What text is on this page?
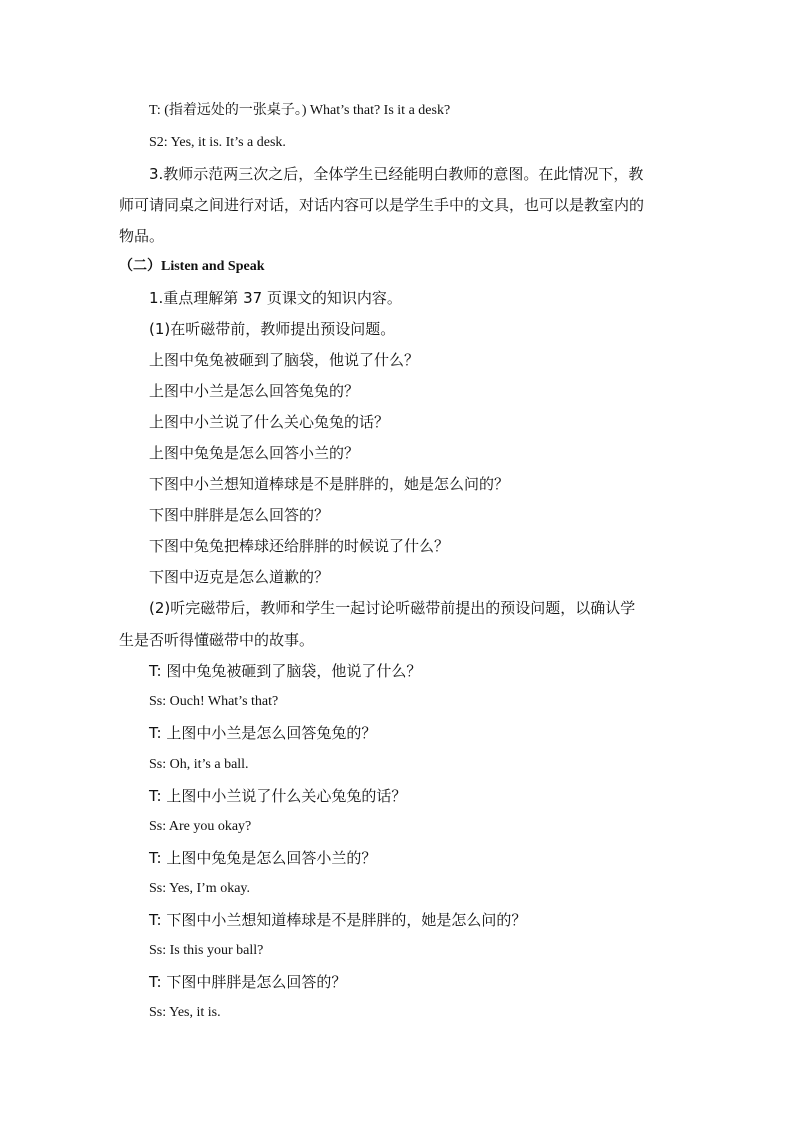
T: (指着远处的一张桌子。) What’s that? Is it a desk?
S2: Yes, it is. It’s a desk.
3.教师示范两三次之后，全体学生已经能明白教师的意图。在此情况下，教
师可请同桌之间进行对话，对话内容可以是学生手中的文具，也可以是教室内的
物品。
（二）Listen and Speak
1.重点理解第 37 页课文的知识内容。
(1)在听磁带前，教师提出预设问题。
上图中兔兔被砸到了脑袋，他说了什么？
上图中小兰是怎么回答兔兔的？
上图中小兰说了什么关心兔兔的话？
上图中兔兔是怎么回答小兰的？
下图中小兰想知道棒球是不是胖胖的，她是怎么问的？
下图中胖胖是怎么回答的？
下图中兔兔把棒球还给胖胖的时候说了什么？
下图中迈克是怎么道歉的？
(2)听完磁带后，教师和学生一起讨论听磁带前提出的预设问题，以确认学
生是否听得懂磁带中的故事。
T: 图中兔兔被砸到了脑袋，他说了什么？
Ss: Ouch! What’s that?
T: 上图中小兰是怎么回答兔兔的？
Ss: Oh, it’s a ball.
T: 上图中小兰说了什么关心兔兔的话？
Ss: Are you okay?
T: 上图中兔兔是怎么回答小兰的？
Ss: Yes, I’m okay.
T: 下图中小兰想知道棒球是不是胖胖的，她是怎么问的？
Ss: Is this your ball?
T: 下图中胖胖是怎么回答的？
Ss: Yes, it is.
